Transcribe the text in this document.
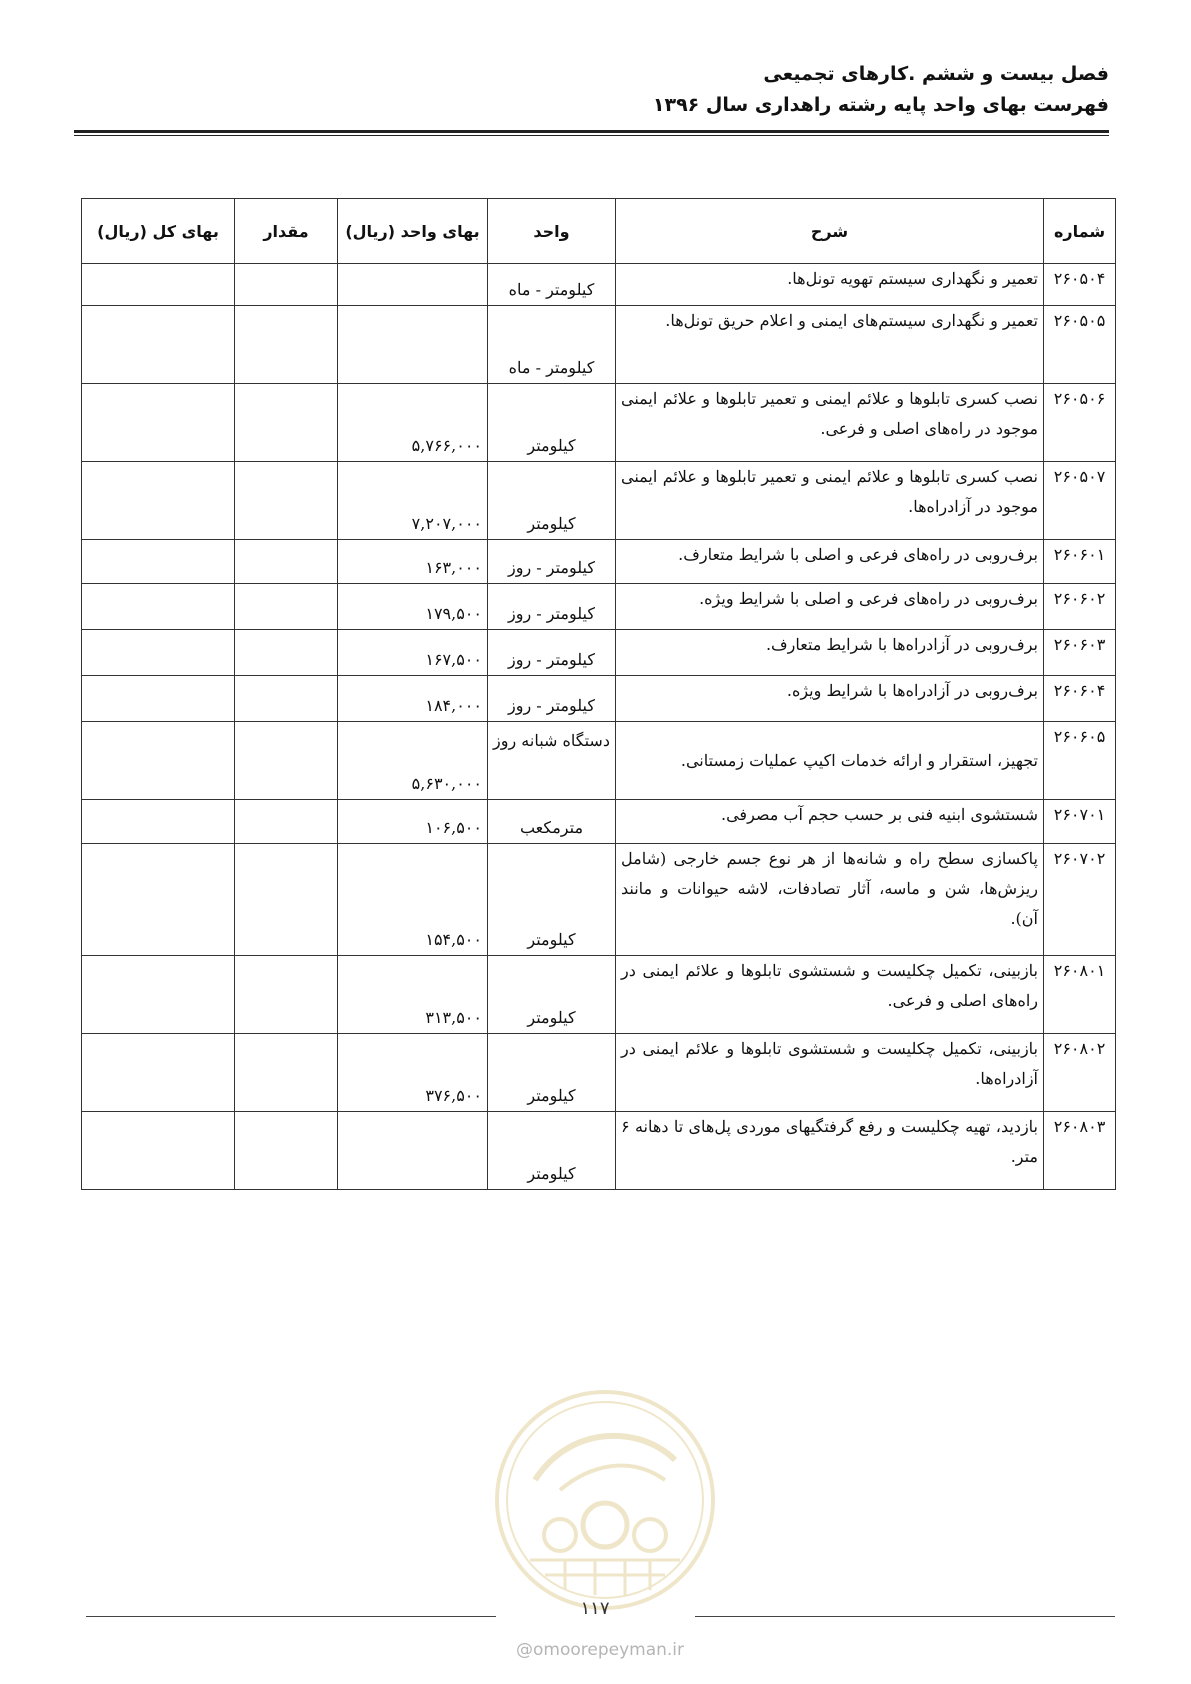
فصل بیست و ششم .کارهای تجمیعی
فهرست بهای واحد پایه رشته راهداری سال ۱۳۹۶
شماره	شرح	واحد	بهای واحد (ریال)	مقدار	بهای کل (ریال)
۲۶۰۵۰۴	تعمیر و نگهداری سیستم تهویه تونل‌ها.	کیلومتر - ماه			
۲۶۰۵۰۵	تعمیر و نگهداری سیستم‌های ایمنی و اعلام حریق تونل‌ها.	کیلومتر - ماه			
۲۶۰۵۰۶	نصب کسری تابلوها و علائم ایمنی و تعمیر تابلوها و علائم ایمنی موجود در راه‌های اصلی و فرعی.	کیلومتر	۵,۷۶۶,۰۰۰		
۲۶۰۵۰۷	نصب کسری تابلوها و علائم ایمنی و تعمیر تابلوها و علائم ایمنی موجود در آزادراه‌ها.	کیلومتر	۷,۲۰۷,۰۰۰		
۲۶۰۶۰۱	برف‌روبی در راه‌های فرعی و اصلی با شرایط متعارف.	کیلومتر - روز	۱۶۳,۰۰۰		
۲۶۰۶۰۲	برف‌روبی در راه‌های فرعی و اصلی با شرایط ویژه.	کیلومتر - روز	۱۷۹,۵۰۰		
۲۶۰۶۰۳	برف‌روبی در آزادراه‌ها با شرایط متعارف.	کیلومتر - روز	۱۶۷,۵۰۰		
۲۶۰۶۰۴	برف‌روبی در آزادراه‌ها با شرایط ویژه.	کیلومتر - روز	۱۸۴,۰۰۰		
۲۶۰۶۰۵	تجهیز، استقرار و ارائه خدمات اکیپ عملیات زمستانی.	دستگاه شبانه روز	۵,۶۳۰,۰۰۰		
۲۶۰۷۰۱	شستشوی ابنیه فنی بر حسب حجم آب مصرفی.	مترمکعب	۱۰۶,۵۰۰		
۲۶۰۷۰۲	پاکسازی سطح راه و شانه‌ها از هر نوع جسم خارجی (شامل ریزش‌ها، شن و ماسه، آثار تصادفات، لاشه حیوانات و مانند آن).	کیلومتر	۱۵۴,۵۰۰		
۲۶۰۸۰۱	بازبینی، تکمیل چکلیست و شستشوی تابلوها و علائم ایمنی در راه‌های اصلی و فرعی.	کیلومتر	۳۱۳,۵۰۰		
۲۶۰۸۰۲	بازبینی، تکمیل چکلیست و شستشوی تابلوها و علائم ایمنی در آزادراه‌ها.	کیلومتر	۳۷۶,۵۰۰		
۲۶۰۸۰۳	بازدید، تهیه چکلیست و رفع گرفتگیهای موردی پل‌های تا دهانه ۶ متر.	کیلومتر			
۱۱۷
@omoorepeyman.ir
